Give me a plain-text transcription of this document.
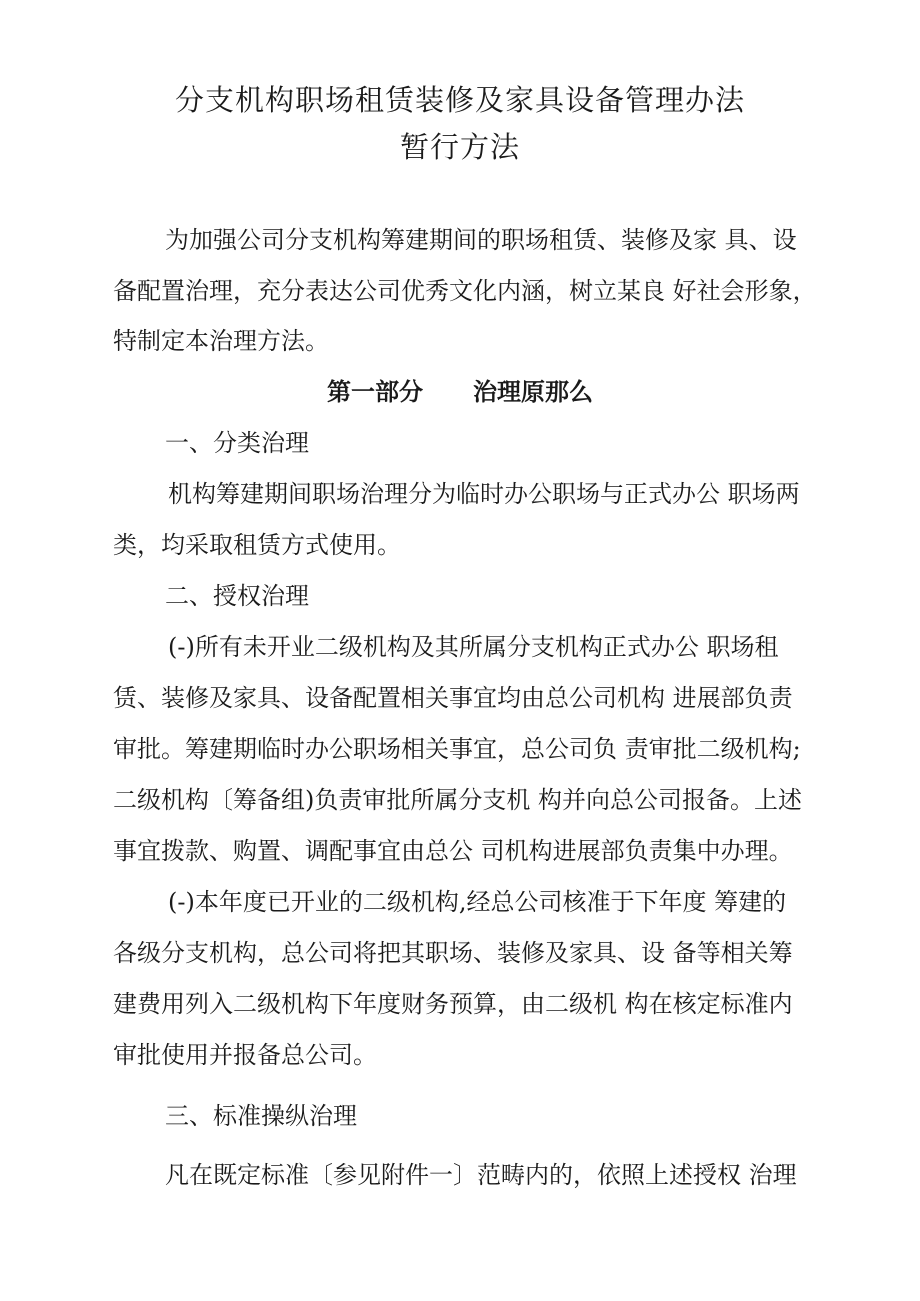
分支机构职场租赁装修及家具设备管理办法
暂行方法
为加强公司分支机构筹建期间的职场租赁、装修及家 具、设
备配置治理，充分表达公司优秀文化内涵，树立某良 好社会形象，
特制定本治理方法。
第一部分 治理原那么
一、分类治理
机构筹建期间职场治理分为临时办公职场与正式办公 职场两
类，均采取租赁方式使用。
二、授权治理
(-)所有未开业二级机构及其所属分支机构正式办公 职场租
赁、装修及家具、设备配置相关事宜均由总公司机构 进展部负责
审批。筹建期临时办公职场相关事宜，总公司负 责审批二级机构;
二级机构〔筹备组)负责审批所属分支机 构并向总公司报备。上述
事宜拨款、购置、调配事宜由总公 司机构进展部负责集中办理。
(-)本年度已开业的二级机构,经总公司核准于下年度 筹建的
各级分支机构，总公司将把其职场、装修及家具、设 备等相关筹
建费用列入二级机构下年度财务预算，由二级机 构在核定标准内
审批使用并报备总公司。
三、标准操纵治理
凡在既定标准〔参见附件一〕范畴内的，依照上述授权 治理
